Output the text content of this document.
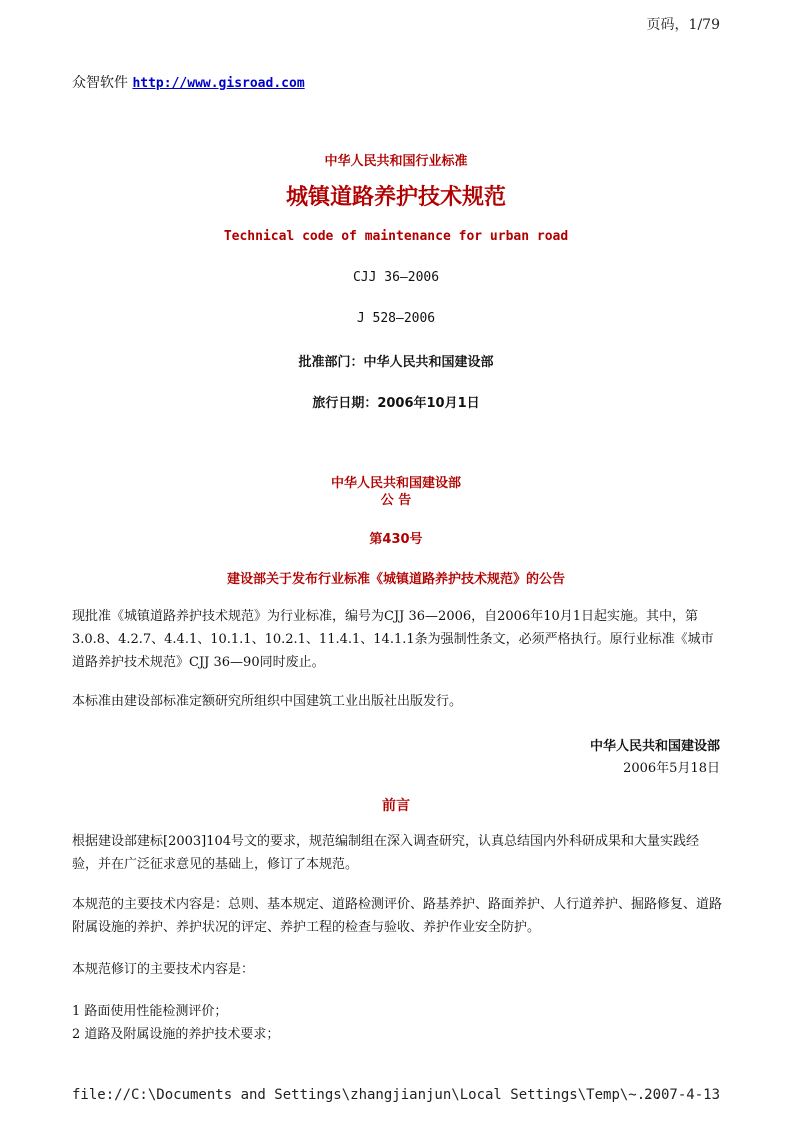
页码，1/79
众智软件 http://www.gisroad.com
中华人民共和国行业标准
城镇道路养护技术规范
Technical code of maintenance for urban road
CJJ 36—2006
J 528—2006
批准部门：中华人民共和国建设部
旅行日期：2006年10月1日
中华人民共和国建设部
公 告
第430号
建设部关于发布行业标准《城镇道路养护技术规范》的公告
现批准《城镇道路养护技术规范》为行业标准，编号为CJJ 36—2006，自2006年10月1日起实施。其中，第3.0.8、4.2.7、4.4.1、10.1.1、10.2.1、11.4.1、14.1.1条为强制性条文，必须严格执行。原行业标准《城市道路养护技术规范》CJJ 36—90同时废止。
本标准由建设部标准定额研究所组织中国建筑工业出版社出版发行。
中华人民共和国建设部
2006年5月18日
前言
根据建设部建标[2003]104号文的要求，规范编制组在深入调查研究，认真总结国内外科研成果和大量实践经验，并在广泛征求意见的基础上，修订了本规范。
本规范的主要技术内容是：总则、基本规定、道路检测评价、路基养护、路面养护、人行道养护、掘路修复、道路附属设施的养护、养护状况的评定、养护工程的检查与验收、养护作业安全防护。
本规范修订的主要技术内容是：
1 路面使用性能检测评价；
2 道路及附属设施的养护技术要求；
file://C:\Documents and Settings\zhangjianjun\Local Settings\Temp\~...
2007-4-13
